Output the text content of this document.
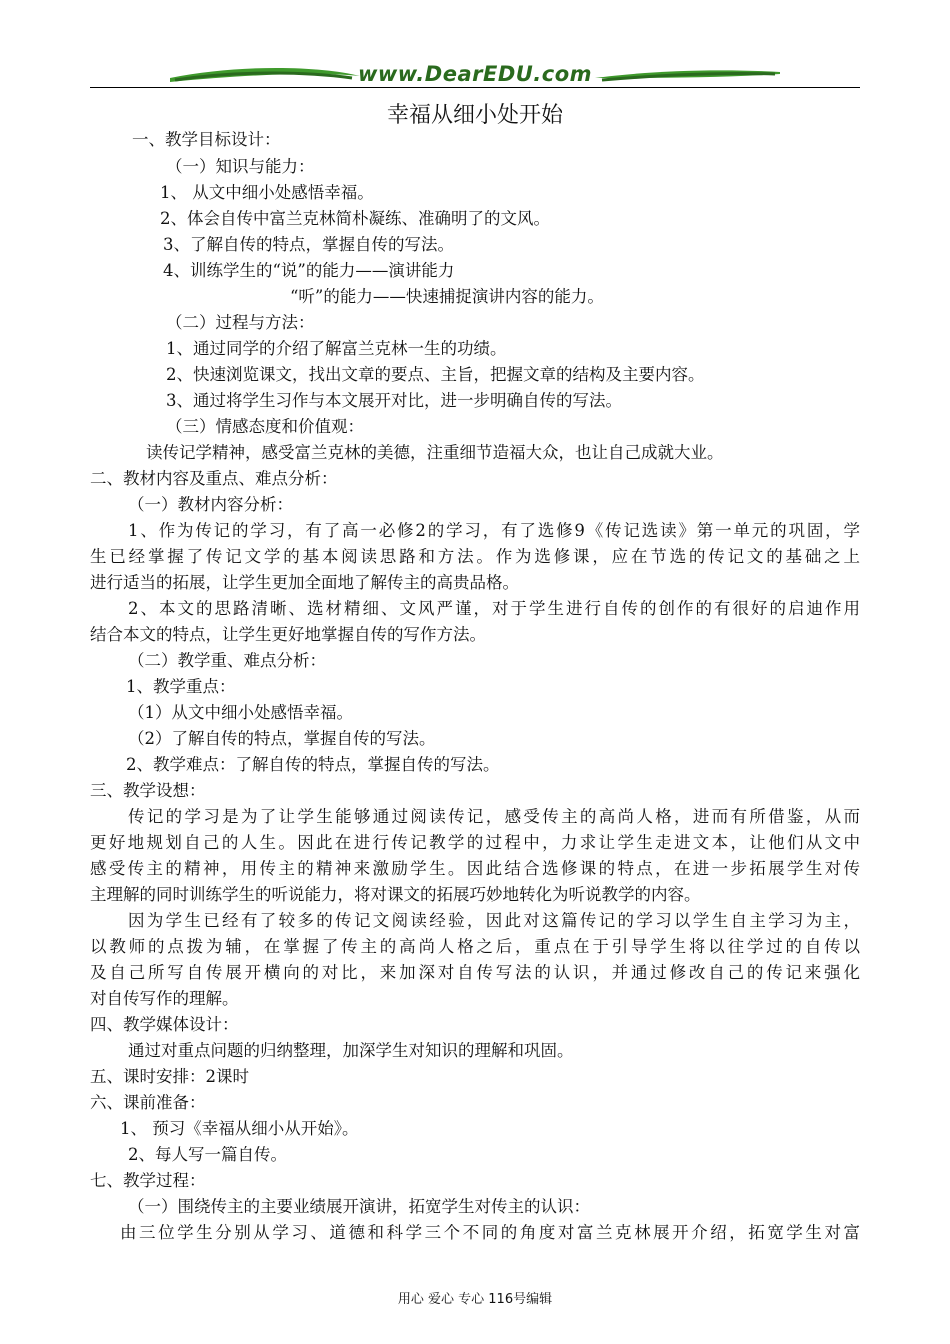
www.DearEDU.com
幸福从细小处开始
一、教学目标设计：
（一）知识与能力：
1、 从文中细小处感悟幸福。
2、体会自传中富兰克林简朴凝练、准确明了的文风。
3、了解自传的特点，掌握自传的写法。
4、训练学生的“说”的能力——演讲能力
“听”的能力——快速捕捉演讲内容的能力。
（二）过程与方法：
1、通过同学的介绍了解富兰克林一生的功绩。
2、快速浏览课文，找出文章的要点、主旨，把握文章的结构及主要内容。
3、通过将学生习作与本文展开对比，进一步明确自传的写法。
（三）情感态度和价值观：
读传记学精神，感受富兰克林的美德，注重细节造福大众，也让自己成就大业。
二、教材内容及重点、难点分析：
（一）教材内容分析：
1、作为传记的学习，有了高一必修2的学习，有了选修9《传记选读》第一单元的巩固，学
生已经掌握了传记文学的基本阅读思路和方法。作为选修课，应在节选的传记文的基础之上
进行适当的拓展，让学生更加全面地了解传主的高贵品格。
2、本文的思路清晰、选材精细、文风严谨，对于学生进行自传的创作的有很好的启迪作用
结合本文的特点，让学生更好地掌握自传的写作方法。
（二）教学重、难点分析：
1、教学重点：
（1）从文中细小处感悟幸福。
（2）了解自传的特点，掌握自传的写法。
2、教学难点：了解自传的特点，掌握自传的写法。
三、教学设想：
传记的学习是为了让学生能够通过阅读传记，感受传主的高尚人格，进而有所借鉴，从而
更好地规划自己的人生。因此在进行传记教学的过程中，力求让学生走进文本，让他们从文中
感受传主的精神，用传主的精神来激励学生。因此结合选修课的特点，在进一步拓展学生对传
主理解的同时训练学生的听说能力，将对课文的拓展巧妙地转化为听说教学的内容。
因为学生已经有了较多的传记文阅读经验，因此对这篇传记的学习以学生自主学习为主，
以教师的点拨为辅，在掌握了传主的高尚人格之后，重点在于引导学生将以往学过的自传以
及自己所写自传展开横向的对比，来加深对自传写法的认识，并通过修改自己的传记来强化
对自传写作的理解。
四、教学媒体设计：
通过对重点问题的归纳整理，加深学生对知识的理解和巩固。
五、课时安排：2课时
六、课前准备：
1、 预习《幸福从细小从开始》。
2、每人写一篇自传。
七、教学过程：
（一）围绕传主的主要业绩展开演讲，拓宽学生对传主的认识：
由三位学生分别从学习、道德和科学三个不同的角度对富兰克林展开介绍，拓宽学生对富
用心 爱心 专心 116号编辑
